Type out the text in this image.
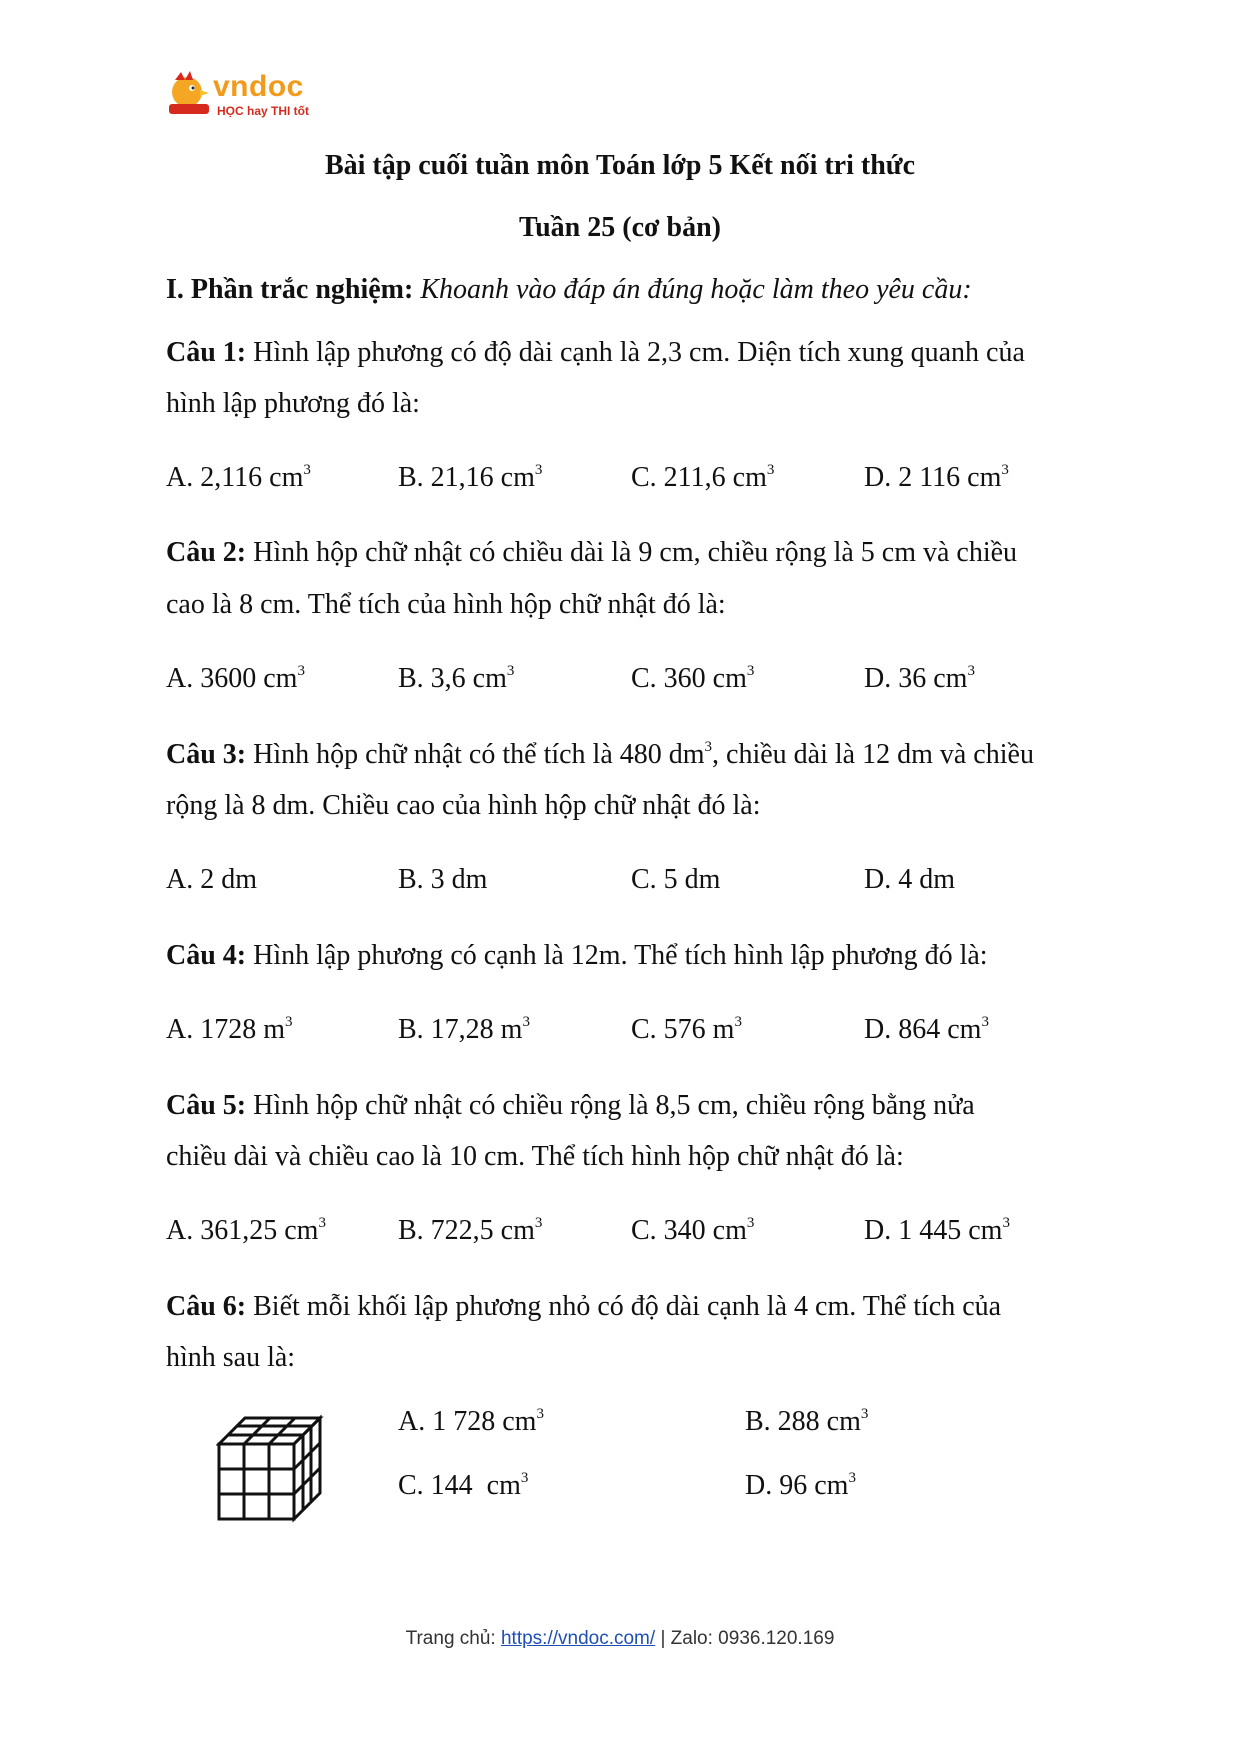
vndoc
HỌC hay THI tốt
Bài tập cuối tuần môn Toán lớp 5 Kết nối tri thức
Tuần 25 (cơ bản)
I. Phần trắc nghiệm: Khoanh vào đáp án đúng hoặc làm theo yêu cầu:
Câu 1: Hình lập phương có độ dài cạnh là 2,3 cm. Diện tích xung quanh của
hình lập phương đó là:
A. 2,116 $cm^3$	B. 21,16 $cm^3$	C. 211,6 $cm^3$	D. 2 116 $cm^3$
Câu 2: Hình hộp chữ nhật có chiều dài là 9 cm, chiều rộng là 5 cm và chiều
cao là 8 cm. Thể tích của hình hộp chữ nhật đó là:
A. 3600 $cm^3$	B. 3,6 $cm^3$	C. 360 $cm^3$	D. 36 $cm^3$
Câu 3: Hình hộp chữ nhật có thể tích là 480 $dm^3$, chiều dài là 12 dm và chiều
rộng là 8 dm. Chiều cao của hình hộp chữ nhật đó là:
A. 2 dm	B. 3 dm	C. 5 dm	D. 4 dm
Câu 4: Hình lập phương có cạnh là 12m. Thể tích hình lập phương đó là:
A. 1728 $m^3$	B. 17,28 $m^3$	C. 576 $m^3$	D. 864 $cm^3$
Câu 5: Hình hộp chữ nhật có chiều rộng là 8,5 cm, chiều rộng bằng nửa
chiều dài và chiều cao là 10 cm. Thể tích hình hộp chữ nhật đó là:
A. 361,25 $cm^3$	B. 722,5 $cm^3$	C. 340 $cm^3$	D. 1 445 $cm^3$
Câu 6: Biết mỗi khối lập phương nhỏ có độ dài cạnh là 4 cm. Thể tích của
hình sau là:
A. 1 728 $cm^3$	B. 288 $cm^3$
C. 144  $cm^3$	D. 96 $cm^3$
Trang chủ: https://vndoc.com/ | Zalo: 0936.120.169
